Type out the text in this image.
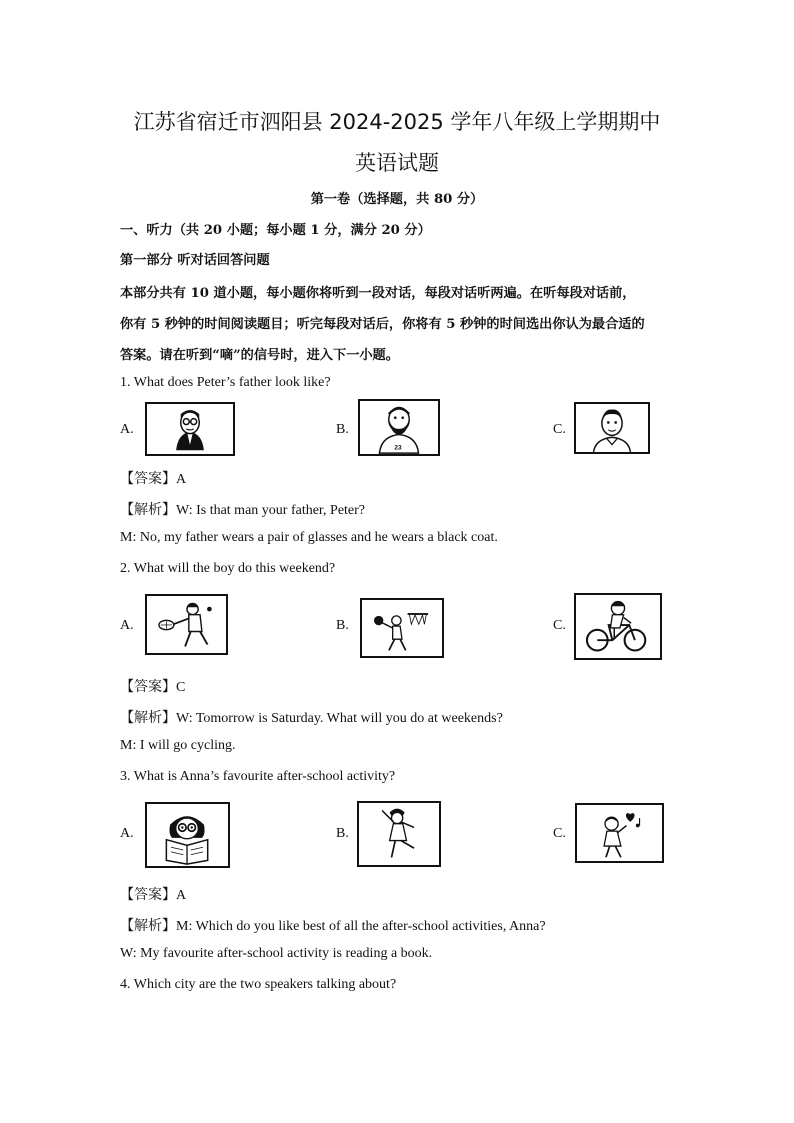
江苏省宿迁市泗阳县 2024-2025 学年八年级上学期期中
英语试题
第一卷（选择题，共 80 分）
一、听力（共 20 小题；每小题 1 分，满分 20 分）
第一部分 听对话回答问题
本部分共有 10 道小题，每小题你将听到一段对话，每段对话听两遍。在听每段对话前，
你有 5 秒钟的时间阅读题目；听完每段对话后，你将有 5 秒钟的时间选出你认为最合适的
答案。请在听到“嘀”的信号时，进入下一小题。
1. What does Peter’s father look like?
A.	B.
23
C.
【答案】A
【解析】W: Is that man your father, Peter?
M: No, my father wears a pair of glasses and he wears a black coat.
2. What will the boy do this weekend?
A.	B.	C.
【答案】C
【解析】W: Tomorrow is Saturday. What will you do at weekends?
M: I will go cycling.
3. What is Anna’s favourite after-school activity?
A.	B.	C.
【答案】A
【解析】M: Which do you like best of all the after-school activities, Anna?
W: My favourite after-school activity is reading a book.
4. Which city are the two speakers talking about?
